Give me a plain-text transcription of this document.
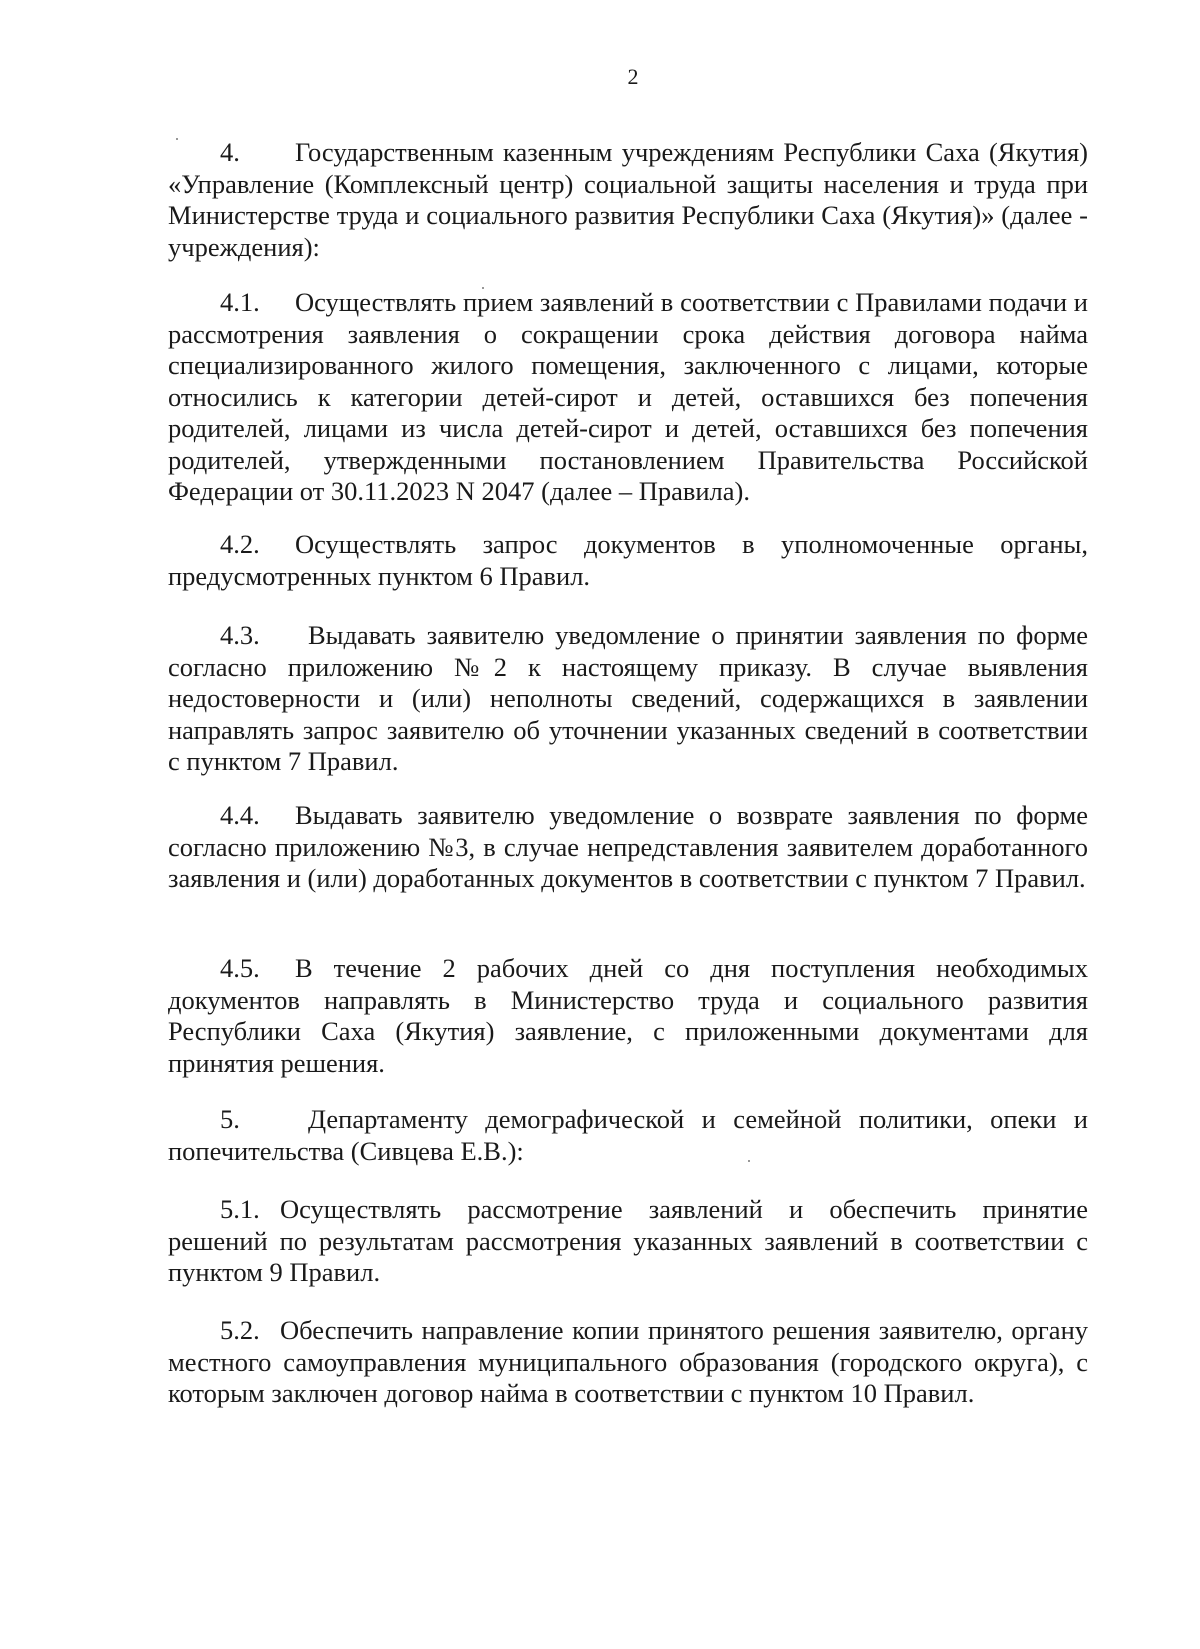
2

4. Государственным казенным учреждениям Республики Саха (Якутия) «Управление (Комплексный центр) социальной защиты населения и труда при Министерстве труда и социального развития Республики Саха (Якутия)» (далее - учреждения):

4.1. Осуществлять прием заявлений в соответствии с Правилами подачи и рассмотрения заявления о сокращении срока действия договора найма специализированного жилого помещения, заключенного с лицами, которые относились к категории детей-сирот и детей, оставшихся без попечения родителей, лицами из числа детей-сирот и детей, оставшихся без попечения родителей, утвержденными постановлением Правительства Российской Федерации от 30.11.2023 N 2047 (далее – Правила).

4.2. Осуществлять запрос документов в уполномоченные органы, предусмотренных пунктом 6 Правил.

4.3. Выдавать заявителю уведомление о принятии заявления по форме согласно приложению №2 к настоящему приказу. В случае выявления недостоверности и (или) неполноты сведений, содержащихся в заявлении направлять запрос заявителю об уточнении указанных сведений в соответствии с пунктом 7 Правил.

4.4. Выдавать заявителю уведомление о возврате заявления по форме согласно приложению №3, в случае непредставления заявителем доработанного заявления и (или) доработанных документов в соответствии с пунктом 7 Правил.

4.5. В течение 2 рабочих дней со дня поступления необходимых документов направлять в Министерство труда и социального развития Республики Саха (Якутия) заявление, с приложенными документами для принятия решения.

5.	Департаменту демографической и семейной политики, опеки и попечительства (Сивцева Е.В.):

5.1. Осуществлять рассмотрение заявлений и обеспечить принятие решений по результатам рассмотрения указанных заявлений в соответствии с пунктом 9 Правил.

5.2. Обеспечить направление копии принятого решения заявителю, органу местного самоуправления муниципального образования (городского округа), с которым заключен договор найма в соответствии с пунктом 10 Правил.
